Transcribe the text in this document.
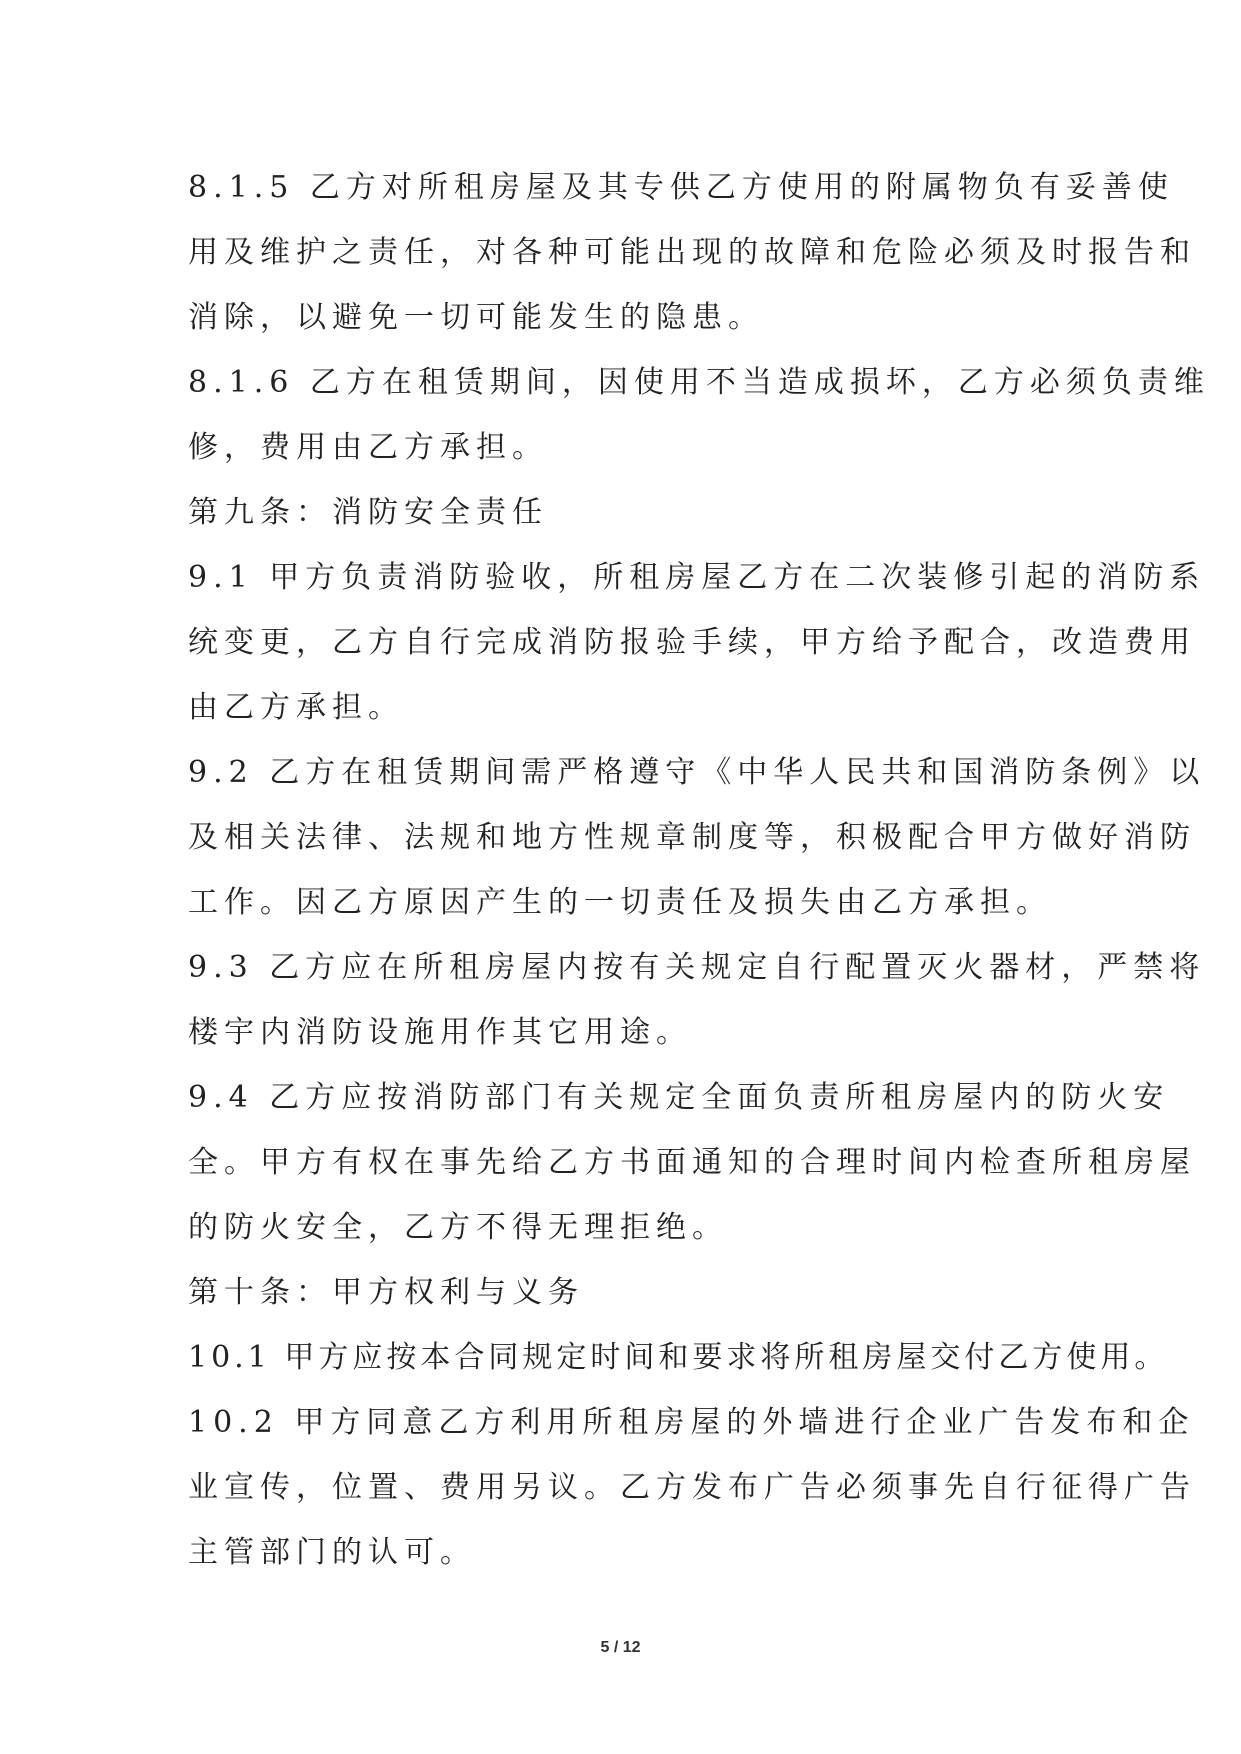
8.1.5 乙方对所租房屋及其专供乙方使用的附属物负有妥善使
用及维护之责任，对各种可能出现的故障和危险必须及时报告和
消除，以避免一切可能发生的隐患。
8.1.6 乙方在租赁期间，因使用不当造成损坏，乙方必须负责维
修，费用由乙方承担。
第九条：消防安全责任
9.1 甲方负责消防验收，所租房屋乙方在二次装修引起的消防系
统变更，乙方自行完成消防报验手续，甲方给予配合，改造费用
由乙方承担。
9.2 乙方在租赁期间需严格遵守《中华人民共和国消防条例》以
及相关法律、法规和地方性规章制度等，积极配合甲方做好消防
工作。因乙方原因产生的一切责任及损失由乙方承担。
9.3 乙方应在所租房屋内按有关规定自行配置灭火器材，严禁将
楼宇内消防设施用作其它用途。
9.4 乙方应按消防部门有关规定全面负责所租房屋内的防火安
全。甲方有权在事先给乙方书面通知的合理时间内检查所租房屋
的防火安全，乙方不得无理拒绝。
第十条：甲方权利与义务
10.1 甲方应按本合同规定时间和要求将所租房屋交付乙方使用。
10.2 甲方同意乙方利用所租房屋的外墙进行企业广告发布和企
业宣传，位置、费用另议。乙方发布广告必须事先自行征得广告
主管部门的认可。
5 / 12
